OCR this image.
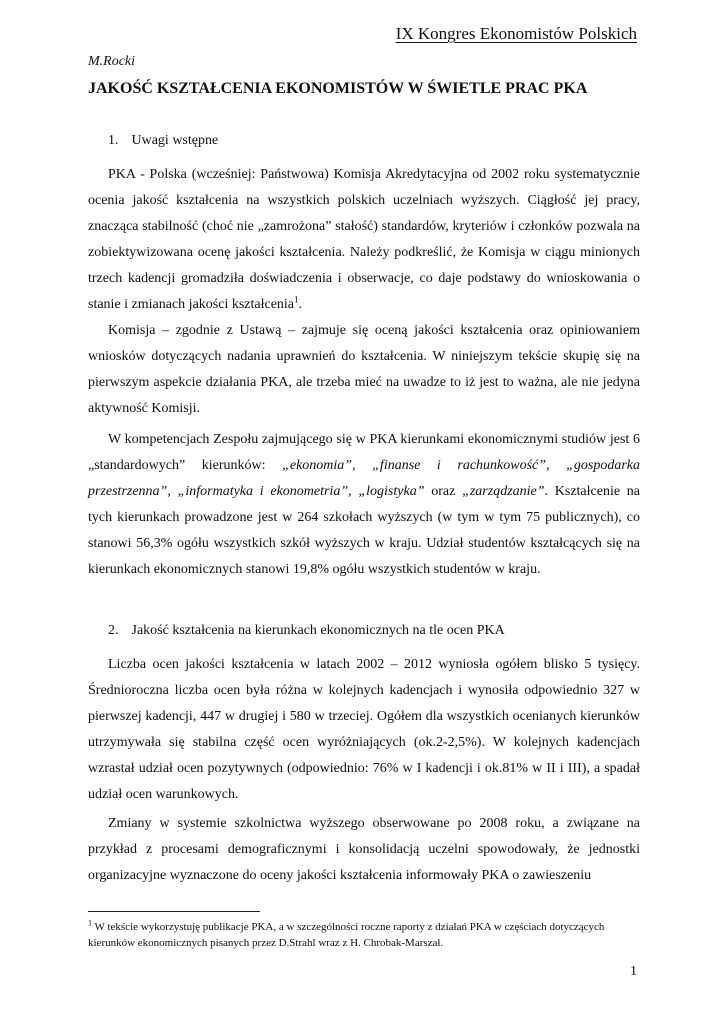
IX Kongres Ekonomistów Polskich
M.Rocki
JAKOŚĆ KSZTAŁCENIA EKONOMISTÓW W ŚWIETLE PRAC PKA
1. Uwagi wstępne

PKA - Polska (wcześniej: Państwowa) Komisja Akredytacyjna od 2002 roku systematycznie ocenia jakość kształcenia na wszystkich polskich uczelniach wyższych. Ciągłość jej pracy, znacząca stabilność (choć nie „zamrożona” stałość) standardów, kryteriów i członków pozwala na zobiektywizowana ocenę jakości kształcenia. Należy podkreślić, że Komisja w ciągu minionych trzech kadencji gromadziła doświadczenia i obserwacje, co daje podstawy do wnioskowania o stanie i zmianach jakości kształcenia$^1$.

Komisja – zgodnie z Ustawą – zajmuje się oceną jakości kształcenia oraz opiniowaniem wniosków dotyczących nadania uprawnień do kształcenia. W niniejszym tekście skupię się na pierwszym aspekcie działania PKA, ale trzeba mieć na uwadze to iż jest to ważna, ale nie jedyna aktywność Komisji.

W kompetencjach Zespołu zajmującego się w PKA kierunkami ekonomicznymi studiów jest 6 „standardowych” kierunków: „ekonomia”, „finanse i rachunkowość”, „gospodarka przestrzenna”, „informatyka i ekonometria”, „logistyka” oraz „zarządzanie”. Kształcenie na tych kierunkach prowadzone jest w 264 szkołach wyższych (w tym w tym 75 publicznych), co stanowi 56,3% ogółu wszystkich szkół wyższych w kraju. Udział studentów kształcących się na kierunkach ekonomicznych stanowi 19,8% ogółu wszystkich studentów w kraju.

2. Jakość kształcenia na kierunkach ekonomicznych na tle ocen PKA

Liczba ocen jakości kształcenia w latach 2002 – 2012 wyniosła ogółem blisko 5 tysięcy. Średnioroczna liczba ocen była różna w kolejnych kadencjach i wynosiła odpowiednio 327 w pierwszej kadencji, 447 w drugiej i 580 w trzeciej. Ogółem dla wszystkich ocenianych kierunków utrzymywała się stabilna część ocen wyróżniających (ok.2-2,5%). W kolejnych kadencjach wzrastał udział ocen pozytywnych (odpowiednio: 76% w I kadencji i ok.81% w II i III), a spadał udział ocen warunkowych.

Zmiany w systemie szkolnictwa wyższego obserwowane po 2008 roku, a związane na przykład z procesami demograficznymi i konsolidacją uczelni spowodowały, że jednostki organizacyjne wyznaczone do oceny jakości kształcenia informowały PKA o zawieszeniu

$^1$ W tekście wykorzystuję publikacje PKA, a w szczególności roczne raporty z działań PKA w częściach dotyczących kierunków ekonomicznych pisanych przez D.Strahl wraz z H. Chrobak-Marszał.

1
